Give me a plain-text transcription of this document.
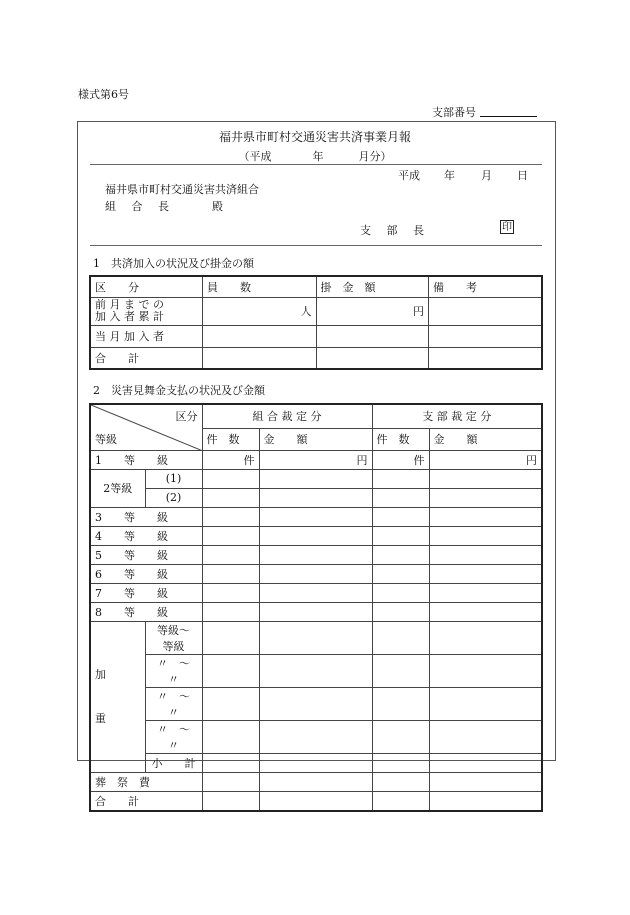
様式第6号
支部番号
福井県市町村交通災害共済事業月報
（平成	年	月分）
平成 年 月 日
福井県市町村交通災害共済組合
組 合 長	殿
支 部 長	印
1　共済加入の状況及び掛金の額
区　　分	員　　数	掛　金　額	備　　考

前 月 ま で の
加 入 者 累 計	人	円	
当 月 加 入 者			
合　　計			
2　災害見舞金支払の状況及び金額
区分
等級		組 合 裁 定 分		支 部 裁 定 分	
		件　数	金　　額	件　数	金　　額
1　　等　　級		件	円	件	円
2等級	(1)				
	(2)				
3　　等　　級					
4　　等　　級					
5　　等　　級					
6　　等　　級					
7　　等　　級					
8　　等　　級					

加　　重	等級～　等級				
	〃　～　〃				
	〃　～　〃				
	〃　～　〃				
	小　　計				
葬　祭　費					
合　　計					
